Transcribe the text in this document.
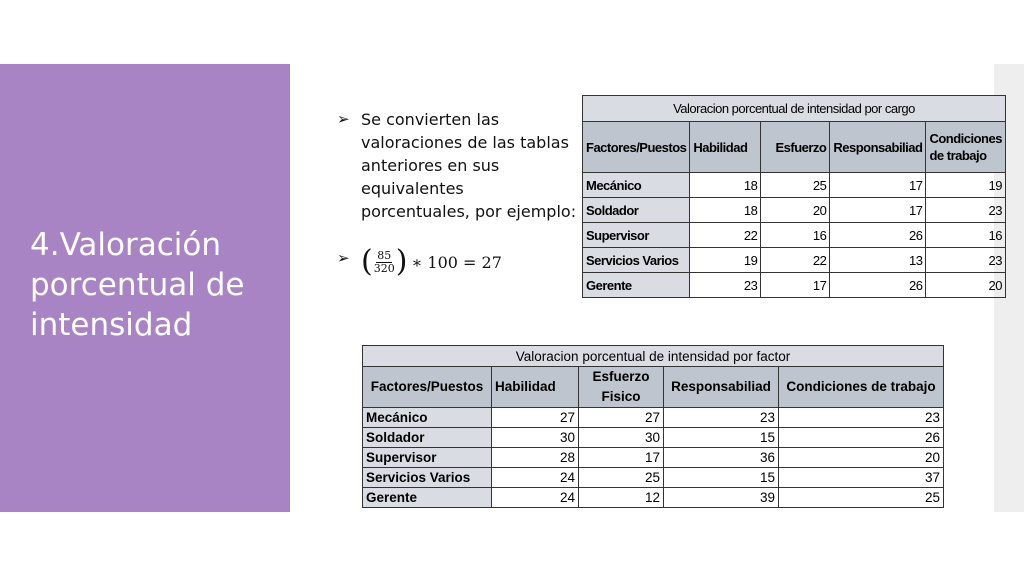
4.Valoración porcentual de intensidad
➢ Se convierten las valoraciones de las tablas anteriores en sus equivalentes porcentuales, por ejemplo:
➢ ( $\frac{85}{320}$ ) ∗ 100 = 27
Valoracion porcentual de intensidad por cargo				
Factores/Puestos	Habilidad	Esfuerzo	Responsabiliad	Condiciones de trabajo
Mecánico	18	25	17	19
Soldador	18	20	17	23
Supervisor	22	16	26	16
Servicios Varios	19	22	13	23
Gerente	23	17	26	20
Valoracion porcentual de intensidad por factor				
Factores/Puestos	Habilidad	Esfuerzo Fisico	Responsabiliad	Condiciones de trabajo
Mecánico	27	27	23	23
Soldador	30	30	15	26
Supervisor	28	17	36	20
Servicios Varios	24	25	15	37
Gerente	24	12	39	25
